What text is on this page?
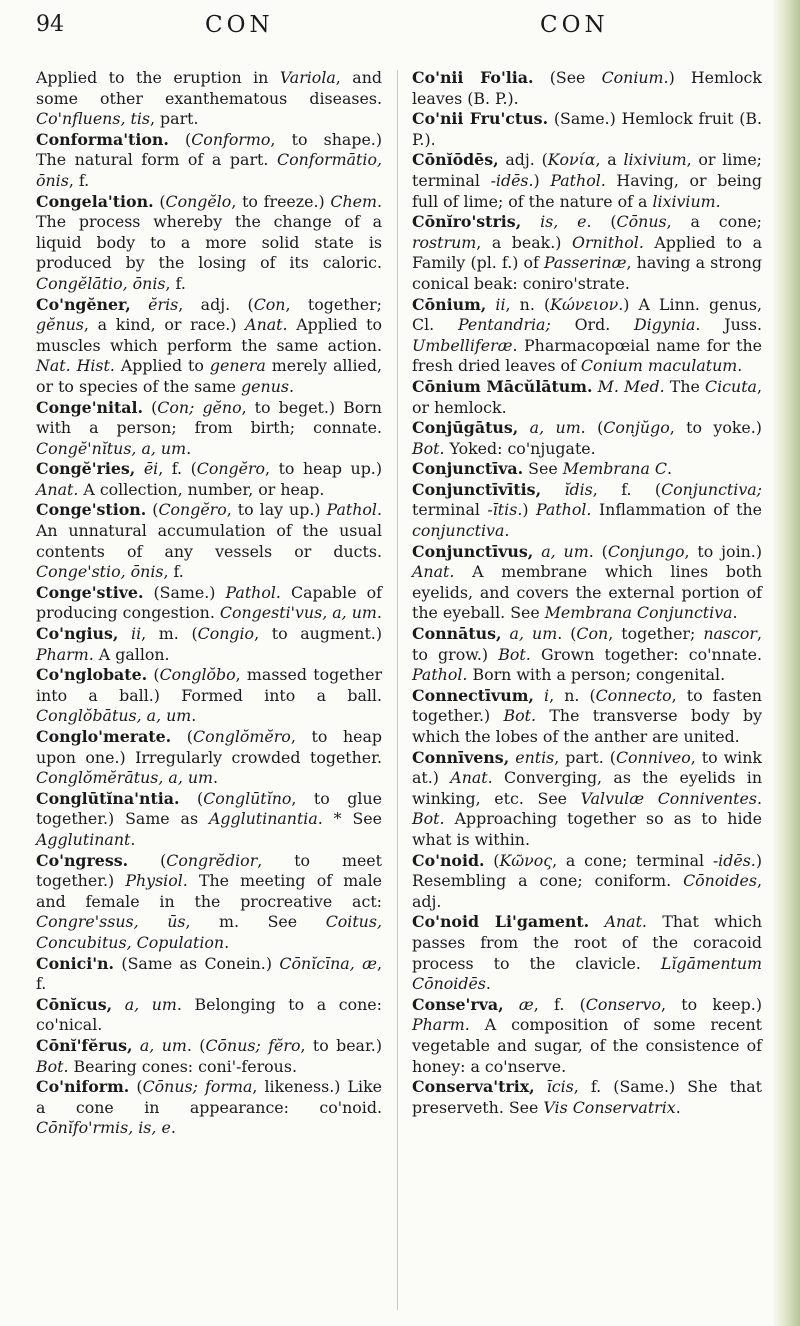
94	CON	CON

Applied to the eruption in Variola, and some other exanthematous diseases. Co'nfluens, tis, part.

Conforma'tion. (Conformo, to shape.) The natural form of a part. Conformātio, ōnis, f.

Congela'tion. (Congĕlo, to freeze.) Chem. The process whereby the change of a liquid body to a more solid state is produced by the losing of its caloric. Congĕlātio, ōnis, f.

Co'ngĕner, ĕris, adj. (Con, together; gĕnus, a kind, or race.) Anat. Applied to muscles which perform the same action. Nat. Hist. Applied to genera merely allied, or to species of the same genus.

Conge'nital. (Con; gĕno, to beget.) Born with a person; from birth; connate. Congĕ'nĭtus, a, um.

Congĕ'ries, ēi, f. (Congĕro, to heap up.) Anat. A collection, number, or heap.

Conge'stion. (Congĕro, to lay up.) Pathol. An unnatural accumulation of the usual contents of any vessels or ducts. Conge'stio, ōnis, f.

Conge'stive. (Same.) Pathol. Capable of producing congestion. Congesti'vus, a, um.

Co'ngius, ii, m. (Congio, to augment.) Pharm. A gallon.

Co'nglobate. (Conglŏbo, massed together into a ball.) Formed into a ball. Conglŏbātus, a, um.

Conglo'merate. (Conglŏmĕro, to heap upon one.) Irregularly crowded together. Conglŏmĕrātus, a, um.

Conglūtĭna'ntia. (Conglūtĭno, to glue together.) Same as Agglutinantia. * See Agglutinant.

Co'ngress. (Congrĕdior, to meet together.) Physiol. The meeting of male and female in the procreative act: Congre'ssus, ūs, m. See Coitus, Concubitus, Copulation.

Conici'n. (Same as Conein.) Cōnĭcīna, æ, f.

Cōnĭcus, a, um. Belonging to a cone: co'nical.

Cōnĭ'fĕrus, a, um. (Cōnus; fĕro, to bear.) Bot. Bearing cones: coni'-ferous.

Co'niform. (Cōnus; forma, likeness.) Like a cone in appearance: co'noid. Cōnĭfo'rmis, is, e.

Co'nii Fo'lia. (See Conium.) Hemlock leaves (B. P.).

Co'nii Fru'ctus. (Same.) Hemlock fruit (B. P.).

Cōnĭōdēs, adj. (Κονία, a lixivium, or lime; terminal -idēs.) Pathol. Having, or being full of lime; of the nature of a lixivium.

Cōnĭro'stris, is, e. (Cōnus, a cone; rostrum, a beak.) Ornithol. Applied to a Family (pl. f.) of Passerinæ, having a strong conical beak: coniro'strate.

Cōnium, ii, n. (Κώνειον.) A Linn. genus, Cl. Pentandria; Ord. Digynia. Juss. Umbelliferæ. Pharmacopœial name for the fresh dried leaves of Conium maculatum.

Cōnium Mācŭlātum. M. Med. The Cicuta, or hemlock.

Conjūgātus, a, um. (Conjŭgo, to yoke.) Bot. Yoked: co'njugate.

Conjunctīva. See Membrana C.

Conjunctīvītis, ĭdis, f. (Conjunctiva; terminal -ītis.) Pathol. Inflammation of the conjunctiva.

Conjunctīvus, a, um. (Conjungo, to join.) Anat. A membrane which lines both eyelids, and covers the external portion of the eyeball. See Membrana Conjunctiva.

Connātus, a, um. (Con, together; nascor, to grow.) Bot. Grown together: co'nnate. Pathol. Born with a person; congenital.

Connectīvum, i, n. (Connecto, to fasten together.) Bot. The transverse body by which the lobes of the anther are united.

Connīvens, entis, part. (Conniveo, to wink at.) Anat. Converging, as the eyelids in winking, etc. See Valvulæ Conniventes. Bot. Approaching together so as to hide what is within.

Co'noid. (Κῶνος, a cone; terminal -idēs.) Resembling a cone; coniform. Cōnoides, adj.

Co'noid Li'gament. Anat. That which passes from the root of the coracoid process to the clavicle. Lĭgāmentum Cōnoidēs.

Conse'rva, æ, f. (Conservo, to keep.) Pharm. A composition of some recent vegetable and sugar, of the consistence of honey: a co'nserve.

Conserva'trix, īcis, f. (Same.) She that preserveth. See Vis Conservatrix.
